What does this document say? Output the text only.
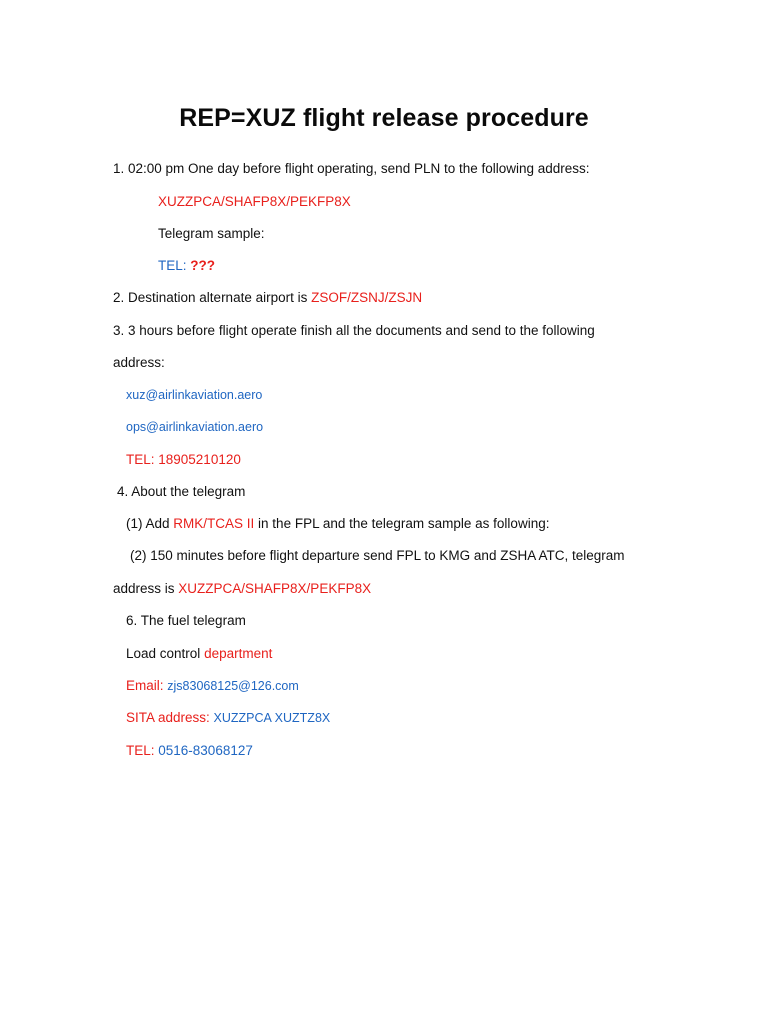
REP=XUZ flight release procedure
1. 02:00 pm One day before flight operating, send PLN to the following address:
XUZZPCA/SHAFP8X/PEKFP8X
Telegram sample:
TEL: ???
2. Destination alternate airport is ZSOF/ZSNJ/ZSJN
3. 3 hours before flight operate finish all the documents and send to the following
address:
xuz@airlinkaviation.aero
ops@airlinkaviation.aero
TEL: 18905210120
4. About the telegram
(1) Add RMK/TCAS II in the FPL and the telegram sample as following:
(2) 150 minutes before flight departure send FPL to KMG and ZSHA ATC, telegram
address is XUZZPCA/SHAFP8X/PEKFP8X
6. The fuel telegram
Load control department
Email: zjs83068125@126.com
SITA address: XUZZPCA XUZTZ8X
TEL: 0516-83068127
